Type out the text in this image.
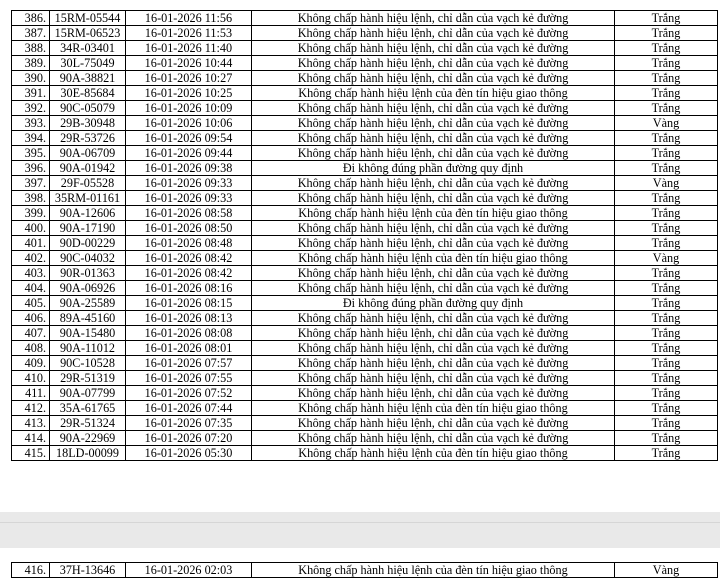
386.	15RM-05544	16-01-2026 11:56	Không chấp hành hiệu lệnh, chỉ dẫn của vạch kẻ đường	Trắng
387.	15RM-06523	16-01-2026 11:53	Không chấp hành hiệu lệnh, chỉ dẫn của vạch kẻ đường	Trắng
388.	34R-03401	16-01-2026 11:40	Không chấp hành hiệu lệnh, chỉ dẫn của vạch kẻ đường	Trắng
389.	30L-75049	16-01-2026 10:44	Không chấp hành hiệu lệnh, chỉ dẫn của vạch kẻ đường	Trắng
390.	90A-38821	16-01-2026 10:27	Không chấp hành hiệu lệnh, chỉ dẫn của vạch kẻ đường	Trắng
391.	30E-85684	16-01-2026 10:25	Không chấp hành hiệu lệnh của đèn tín hiệu giao thông	Trắng
392.	90C-05079	16-01-2026 10:09	Không chấp hành hiệu lệnh, chỉ dẫn của vạch kẻ đường	Trắng
393.	29B-30948	16-01-2026 10:06	Không chấp hành hiệu lệnh, chỉ dẫn của vạch kẻ đường	Vàng
394.	29R-53726	16-01-2026 09:54	Không chấp hành hiệu lệnh, chỉ dẫn của vạch kẻ đường	Trắng
395.	90A-06709	16-01-2026 09:44	Không chấp hành hiệu lệnh, chỉ dẫn của vạch kẻ đường	Trắng
396.	90A-01942	16-01-2026 09:38	Đi không đúng phần đường quy định	Trắng
397.	29F-05528	16-01-2026 09:33	Không chấp hành hiệu lệnh, chỉ dẫn của vạch kẻ đường	Vàng
398.	35RM-01161	16-01-2026 09:33	Không chấp hành hiệu lệnh, chỉ dẫn của vạch kẻ đường	Trắng
399.	90A-12606	16-01-2026 08:58	Không chấp hành hiệu lệnh của đèn tín hiệu giao thông	Trắng
400.	90A-17190	16-01-2026 08:50	Không chấp hành hiệu lệnh, chỉ dẫn của vạch kẻ đường	Trắng
401.	90D-00229	16-01-2026 08:48	Không chấp hành hiệu lệnh, chỉ dẫn của vạch kẻ đường	Trắng
402.	90C-04032	16-01-2026 08:42	Không chấp hành hiệu lệnh của đèn tín hiệu giao thông	Vàng
403.	90R-01363	16-01-2026 08:42	Không chấp hành hiệu lệnh, chỉ dẫn của vạch kẻ đường	Trắng
404.	90A-06926	16-01-2026 08:16	Không chấp hành hiệu lệnh, chỉ dẫn của vạch kẻ đường	Trắng
405.	90A-25589	16-01-2026 08:15	Đi không đúng phần đường quy định	Trắng
406.	89A-45160	16-01-2026 08:13	Không chấp hành hiệu lệnh, chỉ dẫn của vạch kẻ đường	Trắng
407.	90A-15480	16-01-2026 08:08	Không chấp hành hiệu lệnh, chỉ dẫn của vạch kẻ đường	Trắng
408.	90A-11012	16-01-2026 08:01	Không chấp hành hiệu lệnh, chỉ dẫn của vạch kẻ đường	Trắng
409.	90C-10528	16-01-2026 07:57	Không chấp hành hiệu lệnh, chỉ dẫn của vạch kẻ đường	Trắng
410.	29R-51319	16-01-2026 07:55	Không chấp hành hiệu lệnh, chỉ dẫn của vạch kẻ đường	Trắng
411.	90A-07799	16-01-2026 07:52	Không chấp hành hiệu lệnh, chỉ dẫn của vạch kẻ đường	Trắng
412.	35A-61765	16-01-2026 07:44	Không chấp hành hiệu lệnh của đèn tín hiệu giao thông	Trắng
413.	29R-51324	16-01-2026 07:35	Không chấp hành hiệu lệnh, chỉ dẫn của vạch kẻ đường	Trắng
414.	90A-22969	16-01-2026 07:20	Không chấp hành hiệu lệnh, chỉ dẫn của vạch kẻ đường	Trắng
415.	18LD-00099	16-01-2026 05:30	Không chấp hành hiệu lệnh của đèn tín hiệu giao thông	Trắng
416.	37H-13646	16-01-2026 02:03	Không chấp hành hiệu lệnh của đèn tín hiệu giao thông	Vàng
